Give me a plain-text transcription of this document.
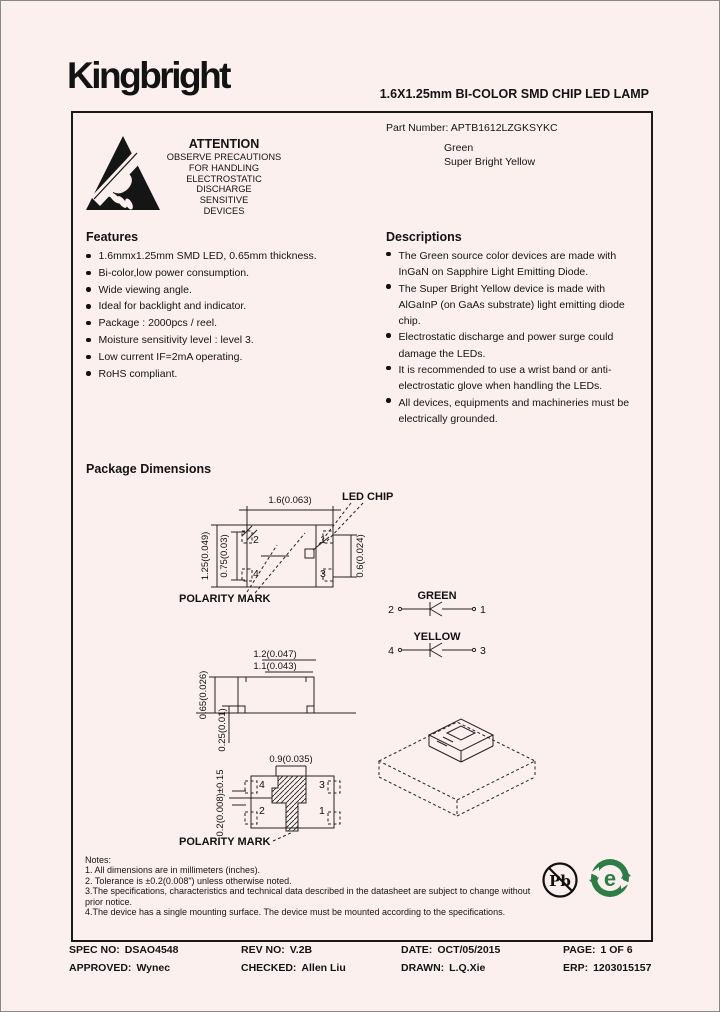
Kingbright	1.6X1.25mm BI-COLOR SMD CHIP LED LAMP
ATTENTION
OBSERVE PRECAUTIONS
FOR HANDLING
ELECTROSTATIC
DISCHARGE
SENSITIVE
DEVICES
Part Number: APTB1612LZGKSYKC
Green
Super Bright Yellow
Features
1.6mmx1.25mm SMD LED, 0.65mm thickness.
Bi-color,low power consumption.
Wide viewing angle.
Ideal for backlight and indicator.
Package : 2000pcs / reel.
Moisture sensitivity level : level 3.
Low current IF=2mA operating.
RoHS compliant.
Descriptions
The Green source color devices are made with InGaN on Sapphire Light Emitting Diode.
The Super Bright Yellow device is made with AlGaInP (on GaAs substrate) light emitting diode chip.
Electrostatic discharge and power surge could damage the LEDs.
It is recommended to use a wrist band or anti-electrostatic glove when handling the LEDs.
All devices, equipments and machineries must be electrically grounded.
Package Dimensions
1.6(0.063)
1.25(0.049) 0.75(0.03)	0.6(0.024)
2
4
1
3
LED CHIP
POLARITY MARK	GREEN
2	1
YELLOW
4	3
1.2(0.047)
1.1(0.043)
0.65(0.026)
0.25(0.01)
0.9(0.035)
0.2(0.008)±0.15	4	3
2	1
POLARITY MARK
Notes:
1. All dimensions are in millimeters (inches).
2. Tolerance is ±0.2(0.008") unless otherwise noted.
3.The specifications, characteristics and technical data described in the datasheet are subject to change without prior notice.
4.The device has a single mounting surface. The device must be mounted according to the specifications.
Pb e
SPEC NO: DSAO4548	REV NO: V.2B	DATE: OCT/05/2015	PAGE: 1 OF 6
APPROVED: Wynec	CHECKED: Allen Liu	DRAWN: L.Q.Xie	ERP: 1203015157
